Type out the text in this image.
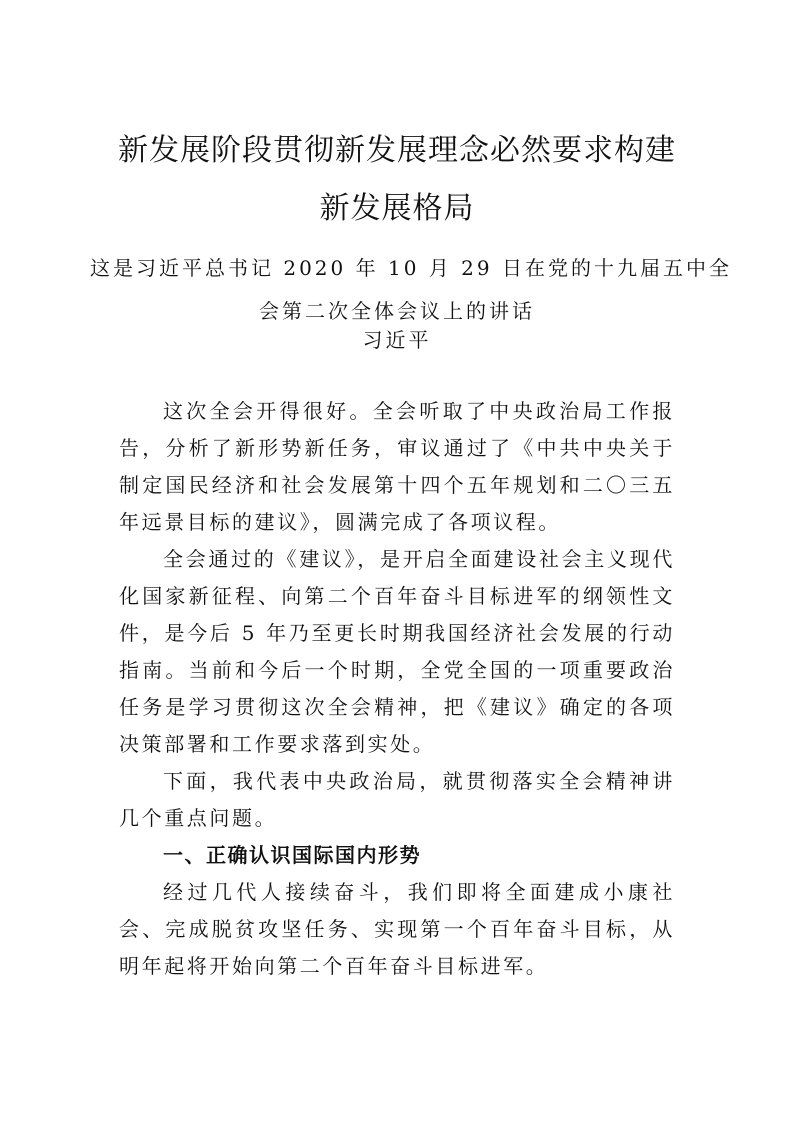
新发展阶段贯彻新发展理念必然要求构建
新发展格局
这是习近平总书记 2020 年 10 月 29 日在党的十九届五中全
会第二次全体会议上的讲话
习近平

这次全会开得很好。全会听取了中央政治局工作报告，分析了新形势新任务，审议通过了《中共中央关于制定国民经济和社会发展第十四个五年规划和二〇三五年远景目标的建议》，圆满完成了各项议程。

全会通过的《建议》，是开启全面建设社会主义现代化国家新征程、向第二个百年奋斗目标进军的纲领性文件，是今后 5 年乃至更长时期我国经济社会发展的行动指南。当前和今后一个时期，全党全国的一项重要政治任务是学习贯彻这次全会精神，把《建议》确定的各项决策部署和工作要求落到实处。

下面，我代表中央政治局，就贯彻落实全会精神讲几个重点问题。

一、正确认识国际国内形势

经过几代人接续奋斗，我们即将全面建成小康社会、完成脱贫攻坚任务、实现第一个百年奋斗目标，从明年起将开始向第二个百年奋斗目标进军。
